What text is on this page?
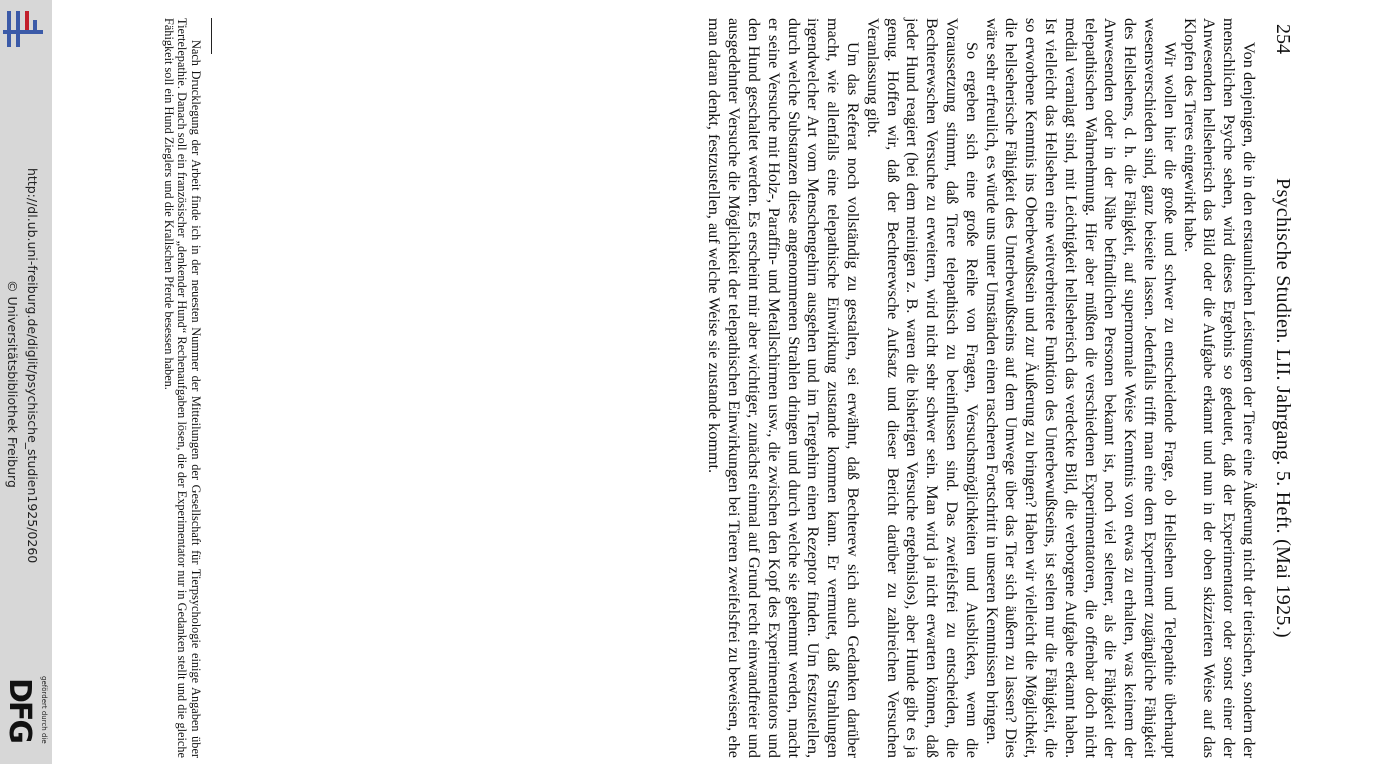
http://dl.ub.uni-freiburg.de/diglit/psychische_studien1925/0260
© Universitätsbibliothek Freiburg
DFG gefördert durch die
254
Psychische Studien. LII. Jahrgang. 5. Heft. (Mai 1925.)

Von denjenigen, die in den erstaunlichen Leistungen der Tiere eine Äußerung nicht der tierischen, sondern der menschlichen Psyche sehen, wird dieses Ergebnis so gedeutet, daß der Experimentator oder sonst einer der Anwesenden hellseherisch das Bild oder die Aufgabe erkannt und nun in der oben skizzierten Weise auf das Klopfen des Tieres eingewirkt habe.

Wir wollen hier die große und schwer zu entscheidende Frage, ob Hellsehen und Telepathie überhaupt wesensverschieden sind, ganz beiseite lassen. Jedenfalls trifft man eine dem Experiment zugängliche Fähigkeit des Hellsehens, d. h. die Fähigkeit, auf supernormale Weise Kenntnis von etwas zu erhalten, was keinem der Anwesenden oder in der Nähe befindlichen Personen bekannt ist, noch viel seltener, als die Fähigkeit der telepathischen Wahrnehmung. Hier aber müßten die verschiedenen Experimentatoren, die offenbar doch nicht medial veranlagt sind, mit Leichtigkeit hellseherisch das verdeckte Bild, die verborgene Aufgabe erkannt haben. Ist vielleicht das Hellsehen eine weitverbreitete Funktion des Unterbewußtseins, ist selten nur die Fähigkeit, die so erworbene Kenntnis ins Oberbewußtsein und zur Äußerung zu bringen? Haben wir vielleicht die Möglichkeit, die hellseherische Fähigkeit des Unterbewußtseins auf dem Umwege über das Tier sich äußern zu lassen? Dies wäre sehr erfreulich, es würde uns unter Umständen einen rascheren Fortschritt in unseren Kenntnissen bringen.

So ergeben sich eine große Reihe von Fragen, Versuchsmöglichkeiten und Ausblicken, wenn die Voraussetzung stimmt, daß Tiere telepathisch zu beeinflussen sind. Das zweifelsfrei zu entscheiden, die Bechterewschen Versuche zu erweitern, wird nicht sehr schwer sein. Man wird ja nicht erwarten können, daß jeder Hund reagiert (bei dem meinigen z. B. waren die bisherigen Versuche ergebnislos), aber Hunde gibt es ja genug. Hoffen wir, daß der Bechterewsche Aufsatz und dieser Bericht darüber zu zahlreichen Versuchen Veranlassung gibt.

Um das Referat noch vollständig zu gestalten, sei erwähnt, daß Bechterew sich auch Gedanken darüber macht, wie allenfalls eine telepathische Einwirkung zustande kommen kann. Er vermutet, daß Strahlungen irgendwelcher Art vom Menschengehirn ausgehen und im Tiergehirn einen Rezeptor finden. Um festzustellen, durch welche Substanzen diese angenommenen Strahlen dringen und durch welche sie gehemmt werden, macht er seine Versuche mit Holz-, Paraffin- und Metallschirmen usw., die zwischen den Kopf des Experimentators und den Hund geschaltet werden. Es erscheint mir aber wichtiger, zunächst einmal auf Grund recht einwandfreier und ausgedehnter Versuche die Möglichkeit der telepathischen Einwirkungen bei Tieren zweifelsfrei zu beweisen, ehe man daran denkt, festzustellen, auf welche Weise sie zustande kommt.

Nach Drucklegung der Arbeit finde ich in der neuesten Nummer der Mitteilungen der Gesellschaft für Tierpsychologie einige Angaben über Tiertelepathie. Danach soll ein französischer „denkender Hund“ Rechenaufgaben lösen, die der Experimentator nur in Gedanken stellt und die gleiche Fähigkeit soll ein Hund Zieglers und die Krallschen Pferde besessen haben.
